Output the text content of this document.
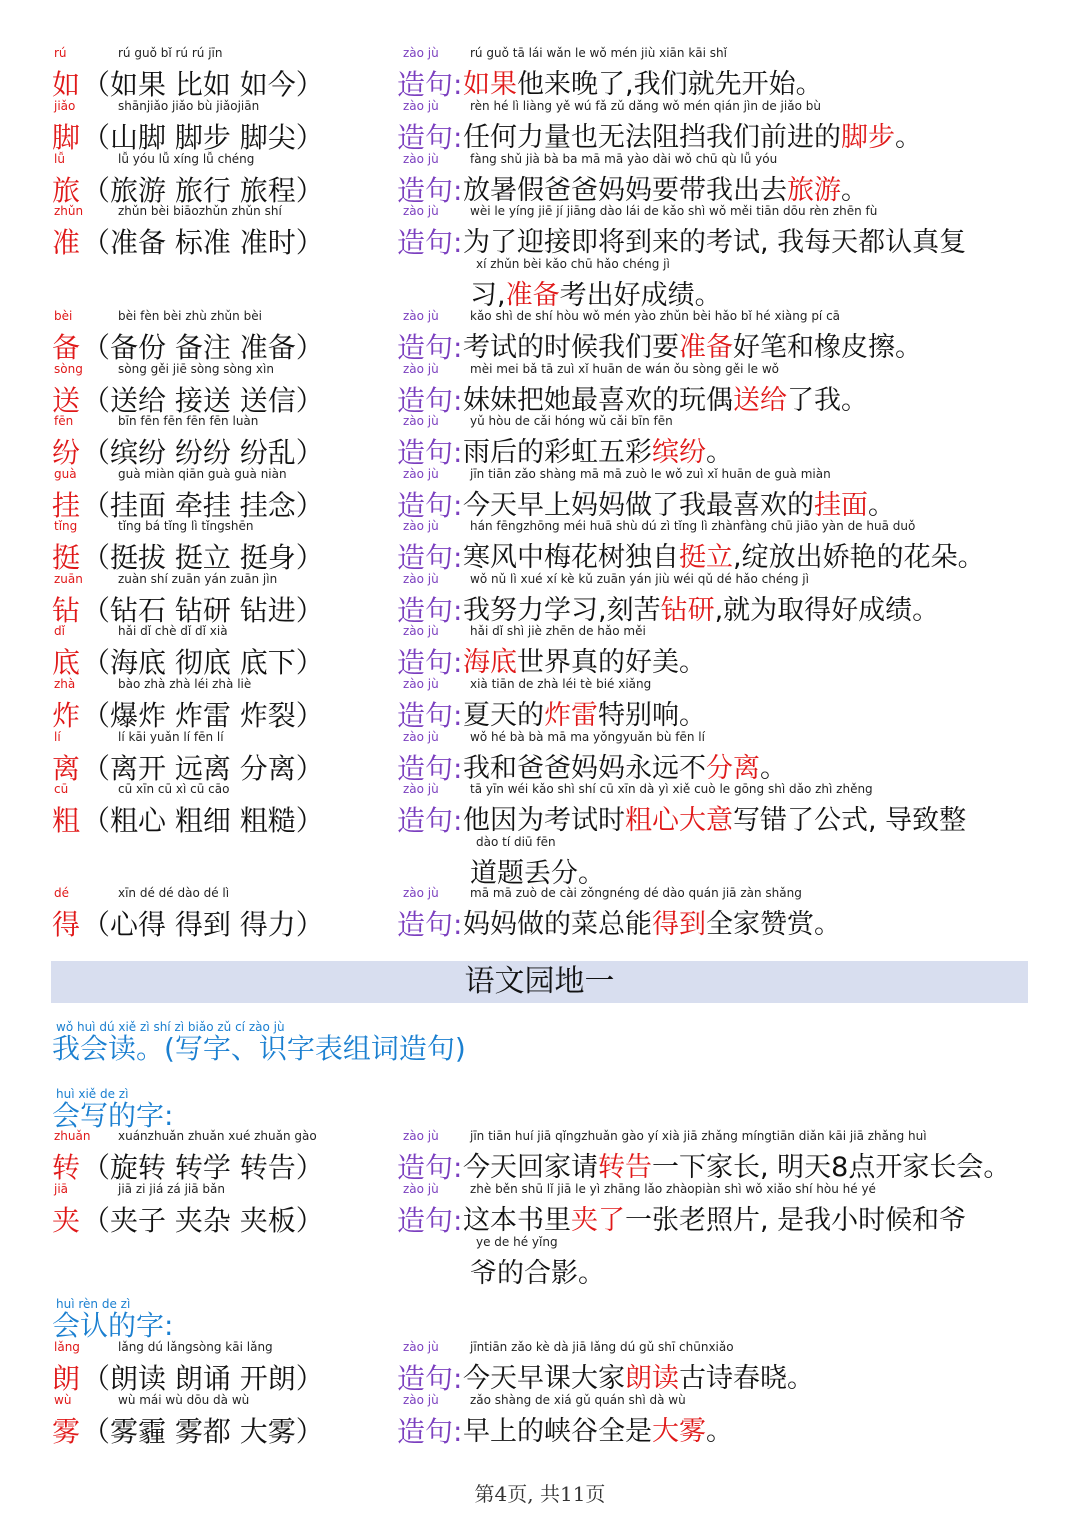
rú
如
rú guǒ bǐ rú rú jīn
（如果 比如 如今）
zào jù
造句:
rú guǒ tā lái wǎn le wǒ mén jiù xiān kāi shǐ
如果他来晚了,我们就先开始。
jiǎo
脚
shānjiǎo jiǎo bù jiǎojiān
（山脚 脚步 脚尖）
zào jù
造句:
rèn hé lì liàng yě wú fǎ zǔ dǎng wǒ mén qián jìn de jiǎo bù
任何力量也无法阻挡我们前进的脚步。
lǚ
旅
lǚ yóu lǚ xíng lǚ chéng
（旅游 旅行 旅程）
zào jù
造句:
fàng shǔ jià bà ba mā mā yào dài wǒ chū qù lǚ yóu
放暑假爸爸妈妈要带我出去旅游。
zhǔn
准
zhǔn bèi biāozhǔn zhǔn shí
（准备 标准 准时）
zào jù
造句:
wèi le yíng jiē jí jiāng dào lái de kǎo shì wǒ měi tiān dōu rèn zhēn fù
为了迎接即将到来的考试, 我每天都认真复
xí zhǔn bèi kǎo chū hǎo chéng jì
习,准备考出好成绩。
bèi
备
bèi fèn bèi zhù zhǔn bèi
（备份 备注 准备）
zào jù
造句:
kǎo shì de shí hòu wǒ mén yào zhǔn bèi hǎo bǐ hé xiàng pí cā
考试的时候我们要准备好笔和橡皮擦。
sòng
送
sòng gěi jiē sòng sòng xìn
（送给 接送 送信）
zào jù
造句:
mèi mei bǎ tā zuì xǐ huān de wán ǒu sòng gěi le wǒ
妹妹把她最喜欢的玩偶送给了我。
fēn
纷
bīn fēn fēn fēn fēn luàn
（缤纷 纷纷 纷乱）
zào jù
造句:
yǔ hòu de cǎi hóng wǔ cǎi bīn fēn
雨后的彩虹五彩缤纷。
guà
挂
guà miàn qiān guà guà niàn
（挂面 牵挂 挂念）
zào jù
造句:
jīn tiān zǎo shàng mā mā zuò le wǒ zuì xǐ huān de guà miàn
今天早上妈妈做了我最喜欢的挂面。
tǐng
挺
tǐng bá tǐng lì tǐngshēn
（挺拔 挺立 挺身）
zào jù
造句:
hán fēngzhōng méi huā shù dú zì tǐng lì zhànfàng chū jiāo yàn de huā duǒ
寒风中梅花树独自挺立,绽放出娇艳的花朵。
zuān
钻
zuàn shí zuān yán zuān jìn
（钻石 钻研 钻进）
zào jù
造句:
wǒ nǔ lì xué xí kè kǔ zuān yán jiù wéi qǔ dé hǎo chéng jì
我努力学习,刻苦钻研,就为取得好成绩。
dǐ
底
hǎi dǐ chè dǐ dǐ xià
（海底 彻底 底下）
zào jù
造句:
hǎi dǐ shì jiè zhēn de hǎo měi
海底世界真的好美。
zhà
炸
bào zhà zhà léi zhà liè
（爆炸 炸雷 炸裂）
zào jù
造句:
xià tiān de zhà léi tè bié xiǎng
夏天的炸雷特别响。
lí
离
lí kāi yuǎn lí fēn lí
（离开 远离 分离）
zào jù
造句:
wǒ hé bà bà mā ma yǒngyuǎn bù fēn lí
我和爸爸妈妈永远不分离。
cū
粗
cū xīn cū xì cū cāo
（粗心 粗细 粗糙）
zào jù
造句:
tā yīn wéi kǎo shì shí cū xīn dà yì xiě cuò le gōng shì dǎo zhì zhěng
他因为考试时粗心大意写错了公式, 导致整
dào tí diū fēn
道题丢分。
dé
得
xīn dé dé dào dé lì
（心得 得到 得力）
zào jù
造句:
mā mā zuò de cài zǒngnéng dé dào quán jiā zàn shǎng
妈妈做的菜总能得到全家赞赏。
语文园地一
wǒ huì dú xiě zì shí zì biǎo zǔ cí zào jù
我会读。(写字、识字表组词造句)
huì xiě de zì
会写的字:
zhuǎn
转
xuánzhuǎn zhuǎn xué zhuǎn gào
（旋转 转学 转告）
zào jù
造句:
jīn tiān huí jiā qǐngzhuǎn gào yí xià jiā zhǎng míngtiān diǎn kāi jiā zhǎng huì
今天回家请转告一下家长, 明天8点开家长会。
jiā
夹
jiā zi jiá zá jiā bǎn
（夹子 夹杂 夹板）
zào jù
造句:
zhè běn shū lǐ jiā le yì zhāng lǎo zhàopiàn shì wǒ xiǎo shí hòu hé yé
这本书里夹了一张老照片, 是我小时候和爷
ye de hé yǐng
爷的合影。
huì rèn de zì
会认的字:
lǎng
朗
lǎng dú lǎngsòng kāi lǎng
（朗读 朗诵 开朗）
zào jù
造句:
jīntiān zǎo kè dà jiā lǎng dú gǔ shī chūnxiǎo
今天早课大家朗读古诗春晓。
wù
雾
wù mái wù dōu dà wù
（雾霾 雾都 大雾）
zào jù
造句:
zǎo shàng de xiá gǔ quán shì dà wù
早上的峡谷全是大雾。
第4页, 共11页
